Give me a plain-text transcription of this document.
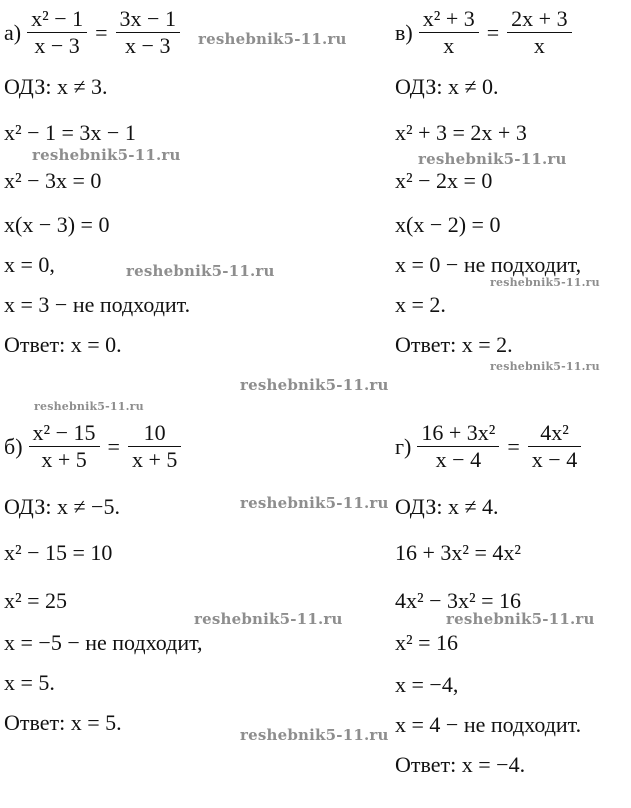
$а) \frac{\text{x² − 1}}{x - 3} = \frac{3x - 1}{x - 3}$
ОДЗ: x ≠ 3.
x² − 1 = 3x − 1
x² − 3x = 0
x(x − 3) = 0
x = 0,
x = 3 − не подходит.
Ответ: x = 0.
$в) \frac{\text{x² + 3}}{x} = \frac{2x + 3}{x}$
ОДЗ: x ≠ 0.
x² + 3 = 2x + 3
x² − 2x = 0
x(x − 2) = 0
x = 0 − не подходит,
x = 2.
Ответ: x = 2.
$б) \frac{\text{x² − 15}}{x + 5} = \frac{10}{x + 5}$
ОДЗ: x ≠ −5.
x² − 15 = 10
x² = 25
x = −5 − не подходит,
x = 5.
Ответ: x = 5.
$г) \frac{\text{16 + 3x²}}{x - 4} = \frac{\text{4x²}}{x - 4}$
ОДЗ: x ≠ 4.
16 + 3x² = 4x²
4x² − 3x² = 16
x² = 16
x = −4,
x = 4 − не подходит.
Ответ: x = −4.
reshebnik5-11.ru
reshebnik5-11.ru	reshebnik5-11.ru
reshebnik5-11.ru
reshebnik5-11.ru
reshebnik5-11.ru
reshebnik5-11.ru
reshebnik5-11.ru
reshebnik5-11.ru
reshebnik5-11.ru	reshebnik5-11.ru
reshebnik5-11.ru
